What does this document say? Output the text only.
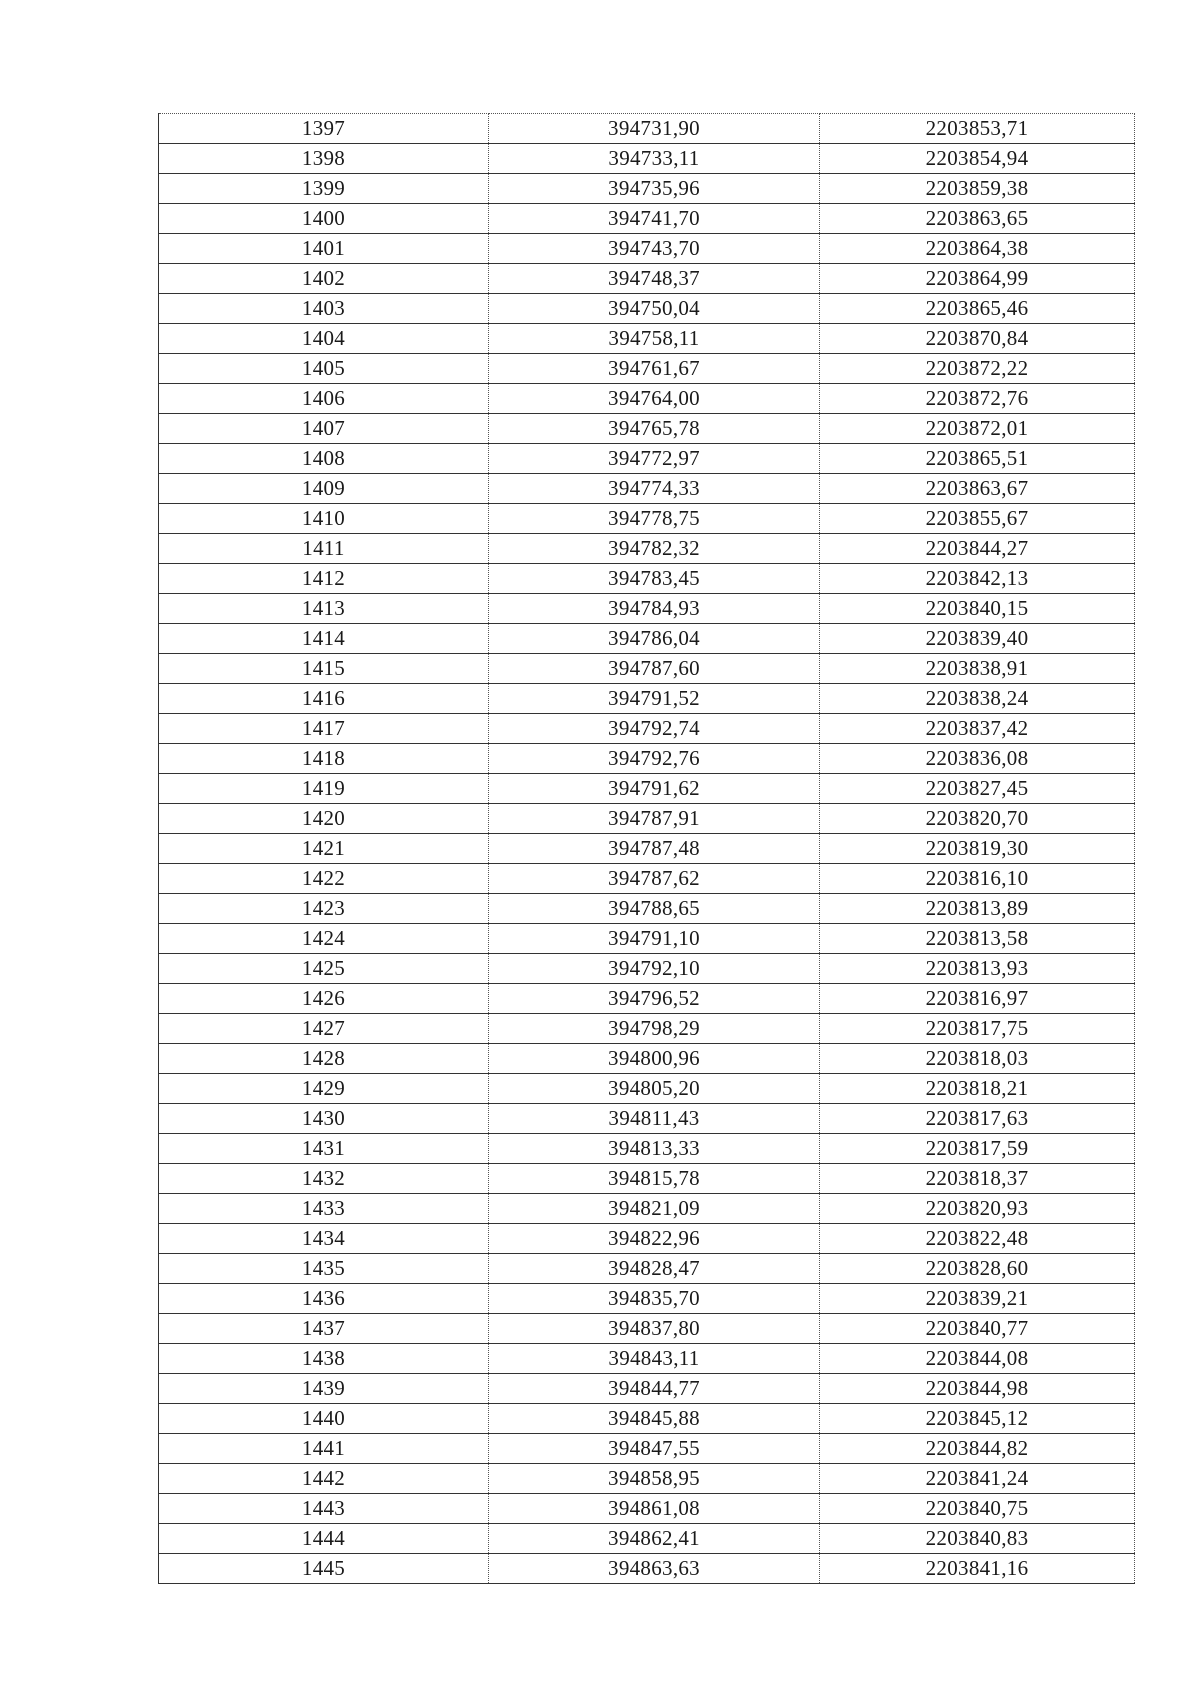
1397	394731,90	2203853,71
1398	394733,11	2203854,94
1399	394735,96	2203859,38
1400	394741,70	2203863,65
1401	394743,70	2203864,38
1402	394748,37	2203864,99
1403	394750,04	2203865,46
1404	394758,11	2203870,84
1405	394761,67	2203872,22
1406	394764,00	2203872,76
1407	394765,78	2203872,01
1408	394772,97	2203865,51
1409	394774,33	2203863,67
1410	394778,75	2203855,67
1411	394782,32	2203844,27
1412	394783,45	2203842,13
1413	394784,93	2203840,15
1414	394786,04	2203839,40
1415	394787,60	2203838,91
1416	394791,52	2203838,24
1417	394792,74	2203837,42
1418	394792,76	2203836,08
1419	394791,62	2203827,45
1420	394787,91	2203820,70
1421	394787,48	2203819,30
1422	394787,62	2203816,10
1423	394788,65	2203813,89
1424	394791,10	2203813,58
1425	394792,10	2203813,93
1426	394796,52	2203816,97
1427	394798,29	2203817,75
1428	394800,96	2203818,03
1429	394805,20	2203818,21
1430	394811,43	2203817,63
1431	394813,33	2203817,59
1432	394815,78	2203818,37
1433	394821,09	2203820,93
1434	394822,96	2203822,48
1435	394828,47	2203828,60
1436	394835,70	2203839,21
1437	394837,80	2203840,77
1438	394843,11	2203844,08
1439	394844,77	2203844,98
1440	394845,88	2203845,12
1441	394847,55	2203844,82
1442	394858,95	2203841,24
1443	394861,08	2203840,75
1444	394862,41	2203840,83
1445	394863,63	2203841,16
